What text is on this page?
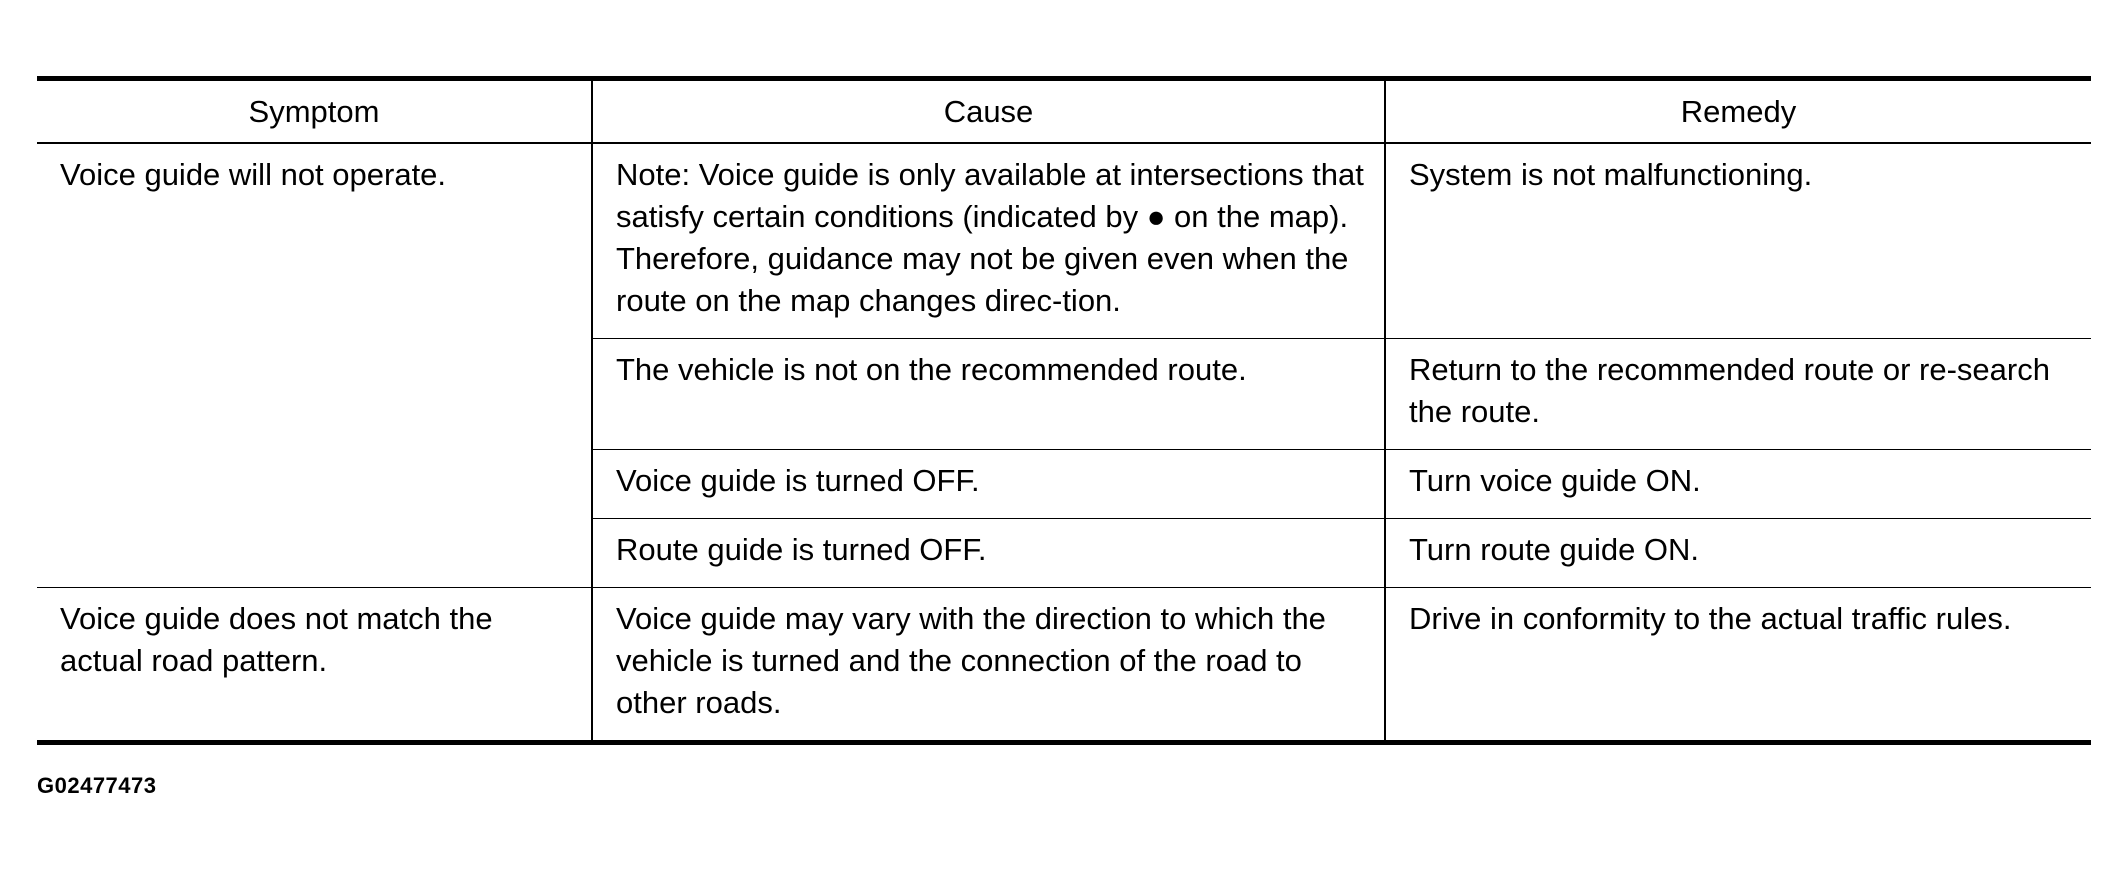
Symptom	Cause	Remedy
Voice guide will not operate.	Note: Voice guide is only available at intersections that satisfy certain conditions (indicated by ● on the map). Therefore, guidance may not be given even when the route on the map changes direc-tion.	System is not malfunctioning.
	The vehicle is not on the recommended route.	Return to the recommended route or re-search the route.
	Voice guide is turned OFF.	Turn voice guide ON.
	Route guide is turned OFF.	Turn route guide ON.
Voice guide does not match the actual road pattern.	Voice guide may vary with the direction to which the vehicle is turned and the connection of the road to other roads.	Drive in conformity to the actual traffic rules.
G02477473
